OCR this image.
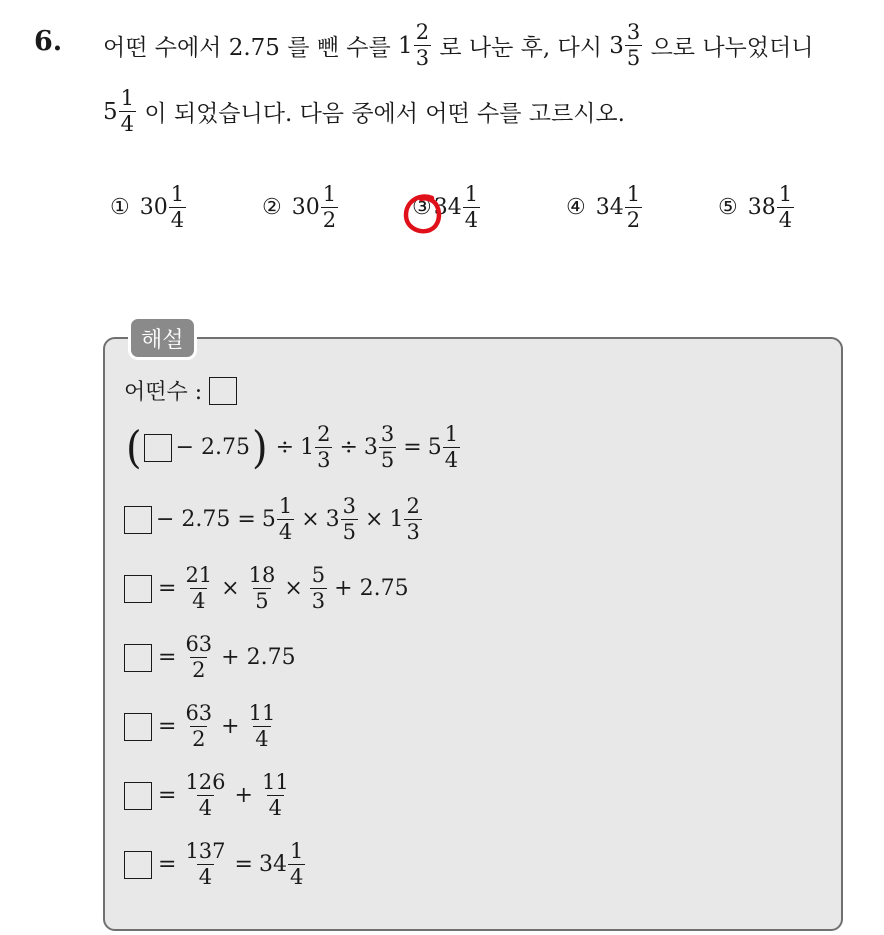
6. 어떤 수에서 2.75 를 뺀 수를 $1 \frac{2}{3}$ 로 나눈 후, 다시 $3 \frac{3}{5}$ 으로 나누었더니
$5 \frac{1}{4}$ 이 되었습니다. 다음 중에서 어떤 수를 고르시오.
① $30 \frac{1}{4}$	② $30 \frac{1}{2}$	③ $34 \frac{1}{4}$	④ $34 \frac{1}{2}$	⑤ $38 \frac{1}{4}$
해설
어떤수 :
( − 2.75 ) ÷ $1 \frac{2}{3} \div 3 \frac{3}{5} = 5 \frac{1}{4}$
− $2.75 = 5 \frac{1}{4} \times 3 \frac{3}{5} \times 1 \frac{2}{3}$
= $\frac{21}{4} \times \frac{18}{5} \times \frac{5}{3} + 2.75$
= $\frac{63}{2} + 2.75$
= $\frac{63}{2} + \frac{11}{4}$
= $\frac{126}{4} + \frac{11}{4}$
= $\frac{137}{4} = 34 \frac{1}{4}$
